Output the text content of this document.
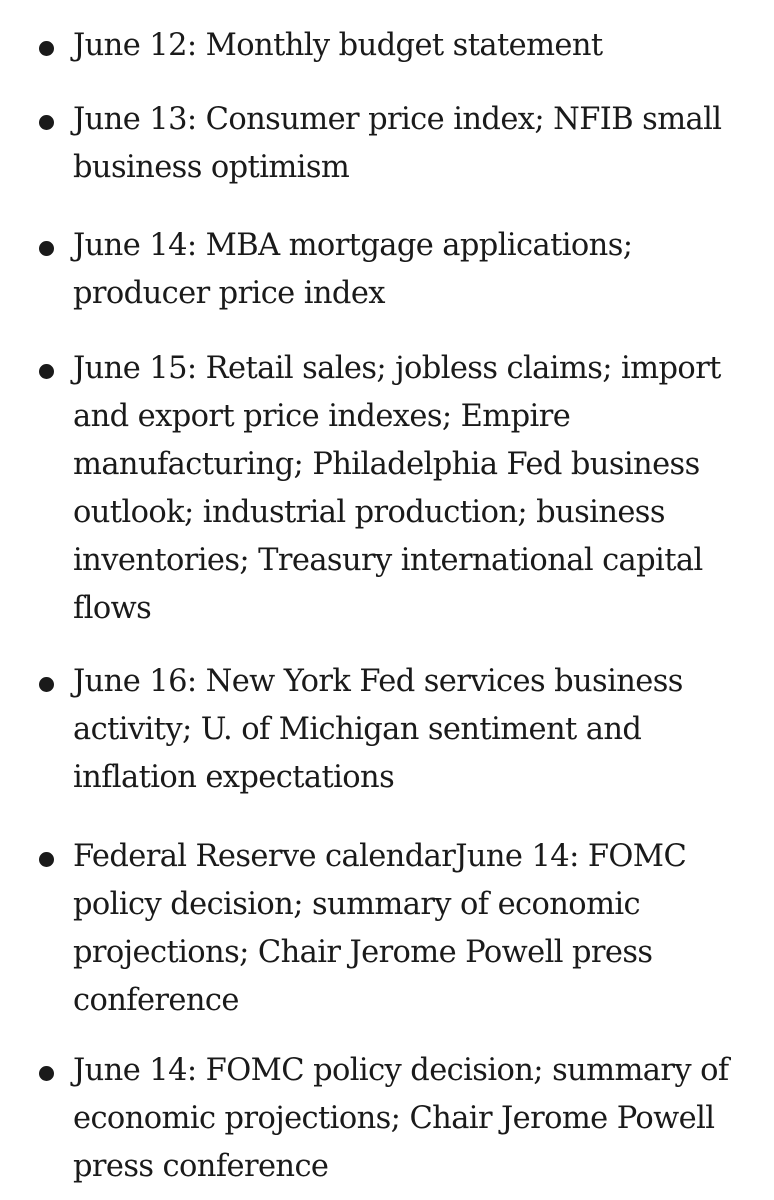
June 12: Monthly budget statement
June 13: Consumer price index; NFIB small business optimism
June 14: MBA mortgage applications; producer price index
June 15: Retail sales; jobless claims; import and export price indexes; Empire manufacturing; Philadelphia Fed business outlook; industrial production; business inventories; Treasury international capital flows
June 16: New York Fed services business activity; U. of Michigan sentiment and inflation expectations
Federal Reserve calendarJune 14: FOMC policy decision; summary of economic projections; Chair Jerome Powell press conference
June 14: FOMC policy decision; summary of economic projections; Chair Jerome Powell press conference
